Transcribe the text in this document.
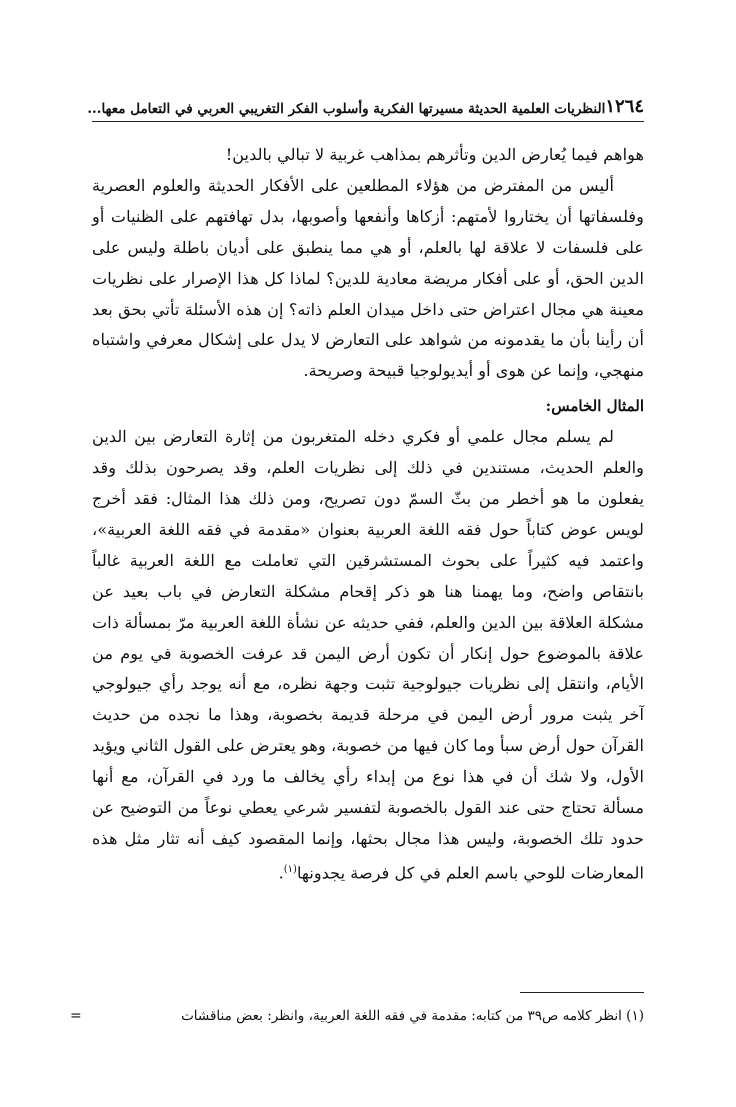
١٢٦٤
النظريات العلمية الحديثة مسيرتها الفكرية وأسلوب الفكر التغريبي العربي في التعامل معها...

هواهم فيما يُعارض الدين وتأثرهم بمذاهب غربية لا تبالي بالدين!

أليس من المفترض من هؤلاء المطلعين على الأفكار الحديثة والعلوم العصرية وفلسفاتها أن يختاروا لأمتهم: أزكاها وأنفعها وأصوبها، بدل تهافتهم على الظنيات أو على فلسفات لا علاقة لها بالعلم، أو هي مما ينطبق على أديان باطلة وليس على الدين الحق، أو على أفكار مريضة معادية للدين؟ لماذا كل هذا الإصرار على نظريات معينة هي مجال اعتراض حتى داخل ميدان العلم ذاته؟ إن هذه الأسئلة تأتي بحق بعد أن رأينا بأن ما يقدمونه من شواهد على التعارض لا يدل على إشكال معرفي واشتباه منهجي، وإنما عن هوى أو أيديولوجيا قبيحة وصريحة.

المثال الخامس:

لم يسلم مجال علمي أو فكري دخله المتغربون من إثارة التعارض بين الدين والعلم الحديث، مستندين في ذلك إلى نظريات العلم، وقد يصرحون بذلك وقد يفعلون ما هو أخطر من بثّ السمّ دون تصريح، ومن ذلك هذا المثال: فقد أخرج لويس عوض كتاباً حول فقه اللغة العربية بعنوان «مقدمة في فقه اللغة العربية»، واعتمد فيه كثيراً على بحوث المستشرقين التي تعاملت مع اللغة العربية غالباً بانتقاص واضح، وما يهمنا هنا هو ذكر إقحام مشكلة التعارض في باب بعيد عن مشكلة العلاقة بين الدين والعلم، ففي حديثه عن نشأة اللغة العربية مرّ بمسألة ذات علاقة بالموضوع حول إنكار أن تكون أرض اليمن قد عرفت الخصوبة في يوم من الأيام، وانتقل إلى نظريات جيولوجية تثبت وجهة نظره، مع أنه يوجد رأي جيولوجي آخر يثبت مرور أرض اليمن في مرحلة قديمة بخصوبة، وهذا ما نجده من حديث القرآن حول أرض سبأ وما كان فيها من خصوبة، وهو يعترض على القول الثاني ويؤيد الأول، ولا شك أن في هذا نوع من إبداء رأي يخالف ما ورد في القرآن، مع أنها مسألة تحتاج حتى عند القول بالخصوبة لتفسير شرعي يعطي نوعاً من التوضيح عن حدود تلك الخصوبة، وليس هذا مجال بحثها، وإنما المقصود كيف أنه تثار مثل هذه المعارضات للوحي باسم العلم في كل فرصة يجدونها$^{(١)}$.

(١) انظر كلامه ص٣٩ من كتابه: مقدمة في فقه اللغة العربية، وانظر: بعض مناقشات
=
